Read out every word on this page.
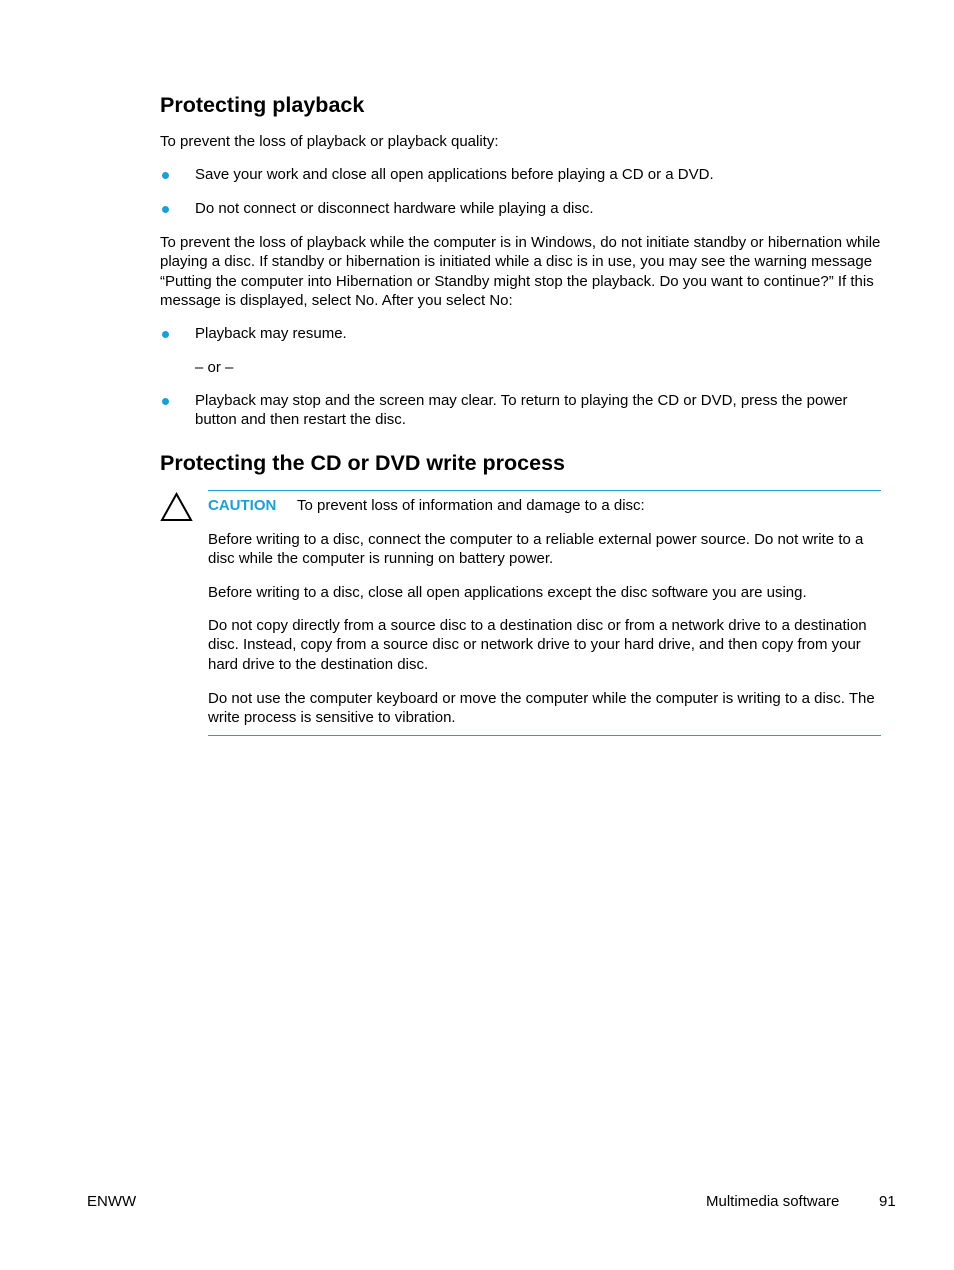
Protecting playback

To prevent the loss of playback or playback quality:

Save your work and close all open applications before playing a CD or a DVD.

Do not connect or disconnect hardware while playing a disc.

To prevent the loss of playback while the computer is in Windows, do not initiate standby or hibernation while playing a disc. If standby or hibernation is initiated while a disc is in use, you may see the warning message “Putting the computer into Hibernation or Standby might stop the playback. Do you want to continue?” If this message is displayed, select No. After you select No:

Playback may resume.

– or –

Playback may stop and the screen may clear. To return to playing the CD or DVD, press the power button and then restart the disc.

Protecting the CD or DVD write process

CAUTION To prevent loss of information and damage to a disc:

Before writing to a disc, connect the computer to a reliable external power source. Do not write to a disc while the computer is running on battery power.

Before writing to a disc, close all open applications except the disc software you are using.

Do not copy directly from a source disc to a destination disc or from a network drive to a destination disc. Instead, copy from a source disc or network drive to your hard drive, and then copy from your hard drive to the destination disc.

Do not use the computer keyboard or move the computer while the computer is writing to a disc. The write process is sensitive to vibration.

ENWW	Multimedia software	91
